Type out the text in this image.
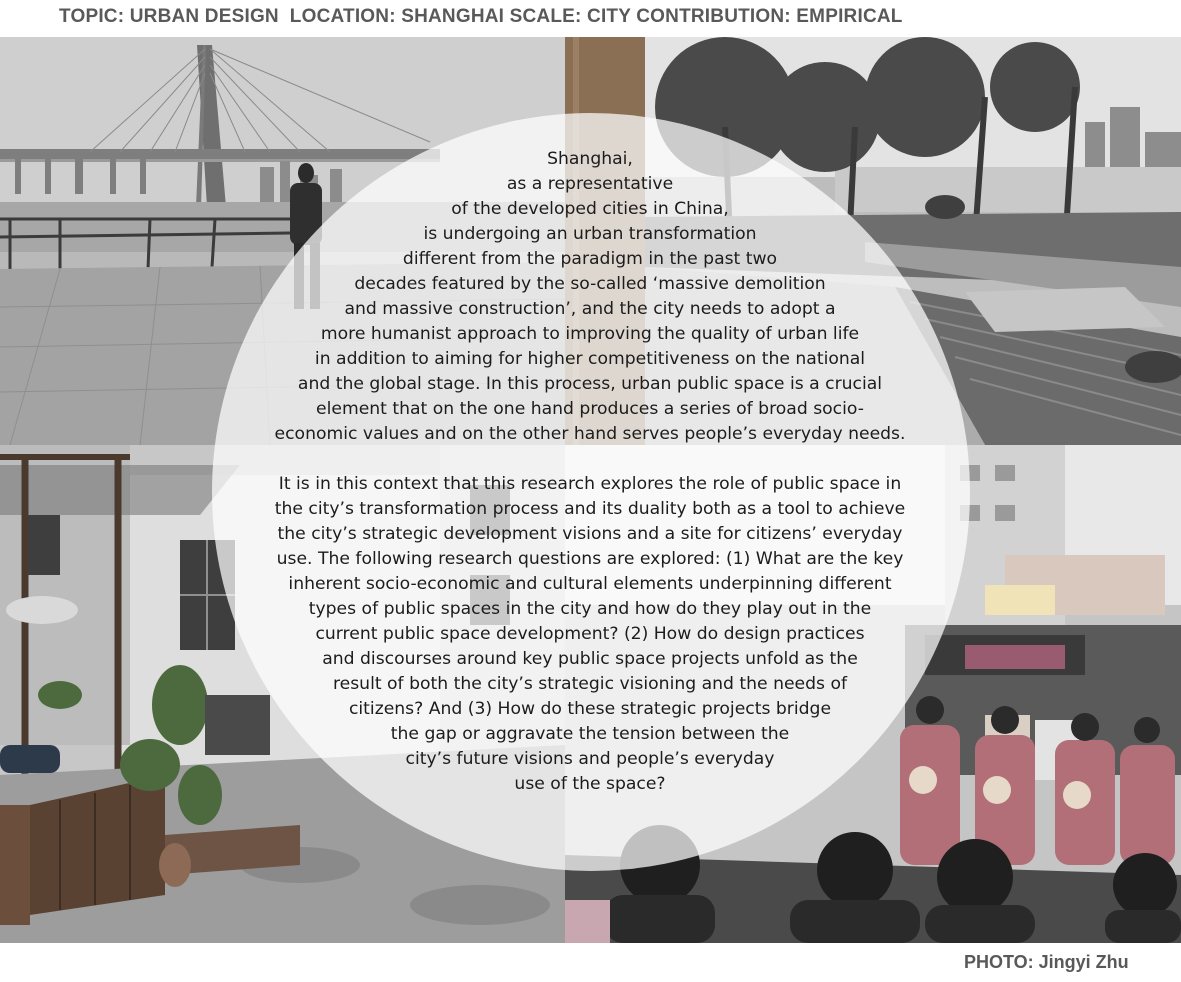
TOPIC: URBAN DESIGN  LOCATION: SHANGHAI SCALE: CITY CONTRIBUTION: EMPIRICAL
Shanghai,
as a representative
of the developed cities in China,
is undergoing an urban transformation
different from the paradigm in the past two
decades featured by the so-called ‘massive demolition
and massive construction’, and the city needs to adopt a
more humanist approach to improving the quality of urban life
in addition to aiming for higher competitiveness on the national
and the global stage. In this process, urban public space is a crucial
element that on the one hand produces a series of broad socio-
economic values and on the other hand serves people’s everyday needs.
It is in this context that this research explores the role of public space in
the city’s transformation process and its duality both as a tool to achieve
the city’s strategic development visions and a site for citizens’ everyday
use. The following research questions are explored: (1) What are the key
inherent socio-economic and cultural elements underpinning different
types of public spaces in the city and how do they play out in the
current public space development? (2) How do design practices
and discourses around key public space projects unfold as the
result of both the city’s strategic visioning and the needs of
citizens? And (3) How do these strategic projects bridge
the gap or aggravate the tension between the
city’s future visions and people’s everyday
use of the space?
PHOTO: Jingyi Zhu
